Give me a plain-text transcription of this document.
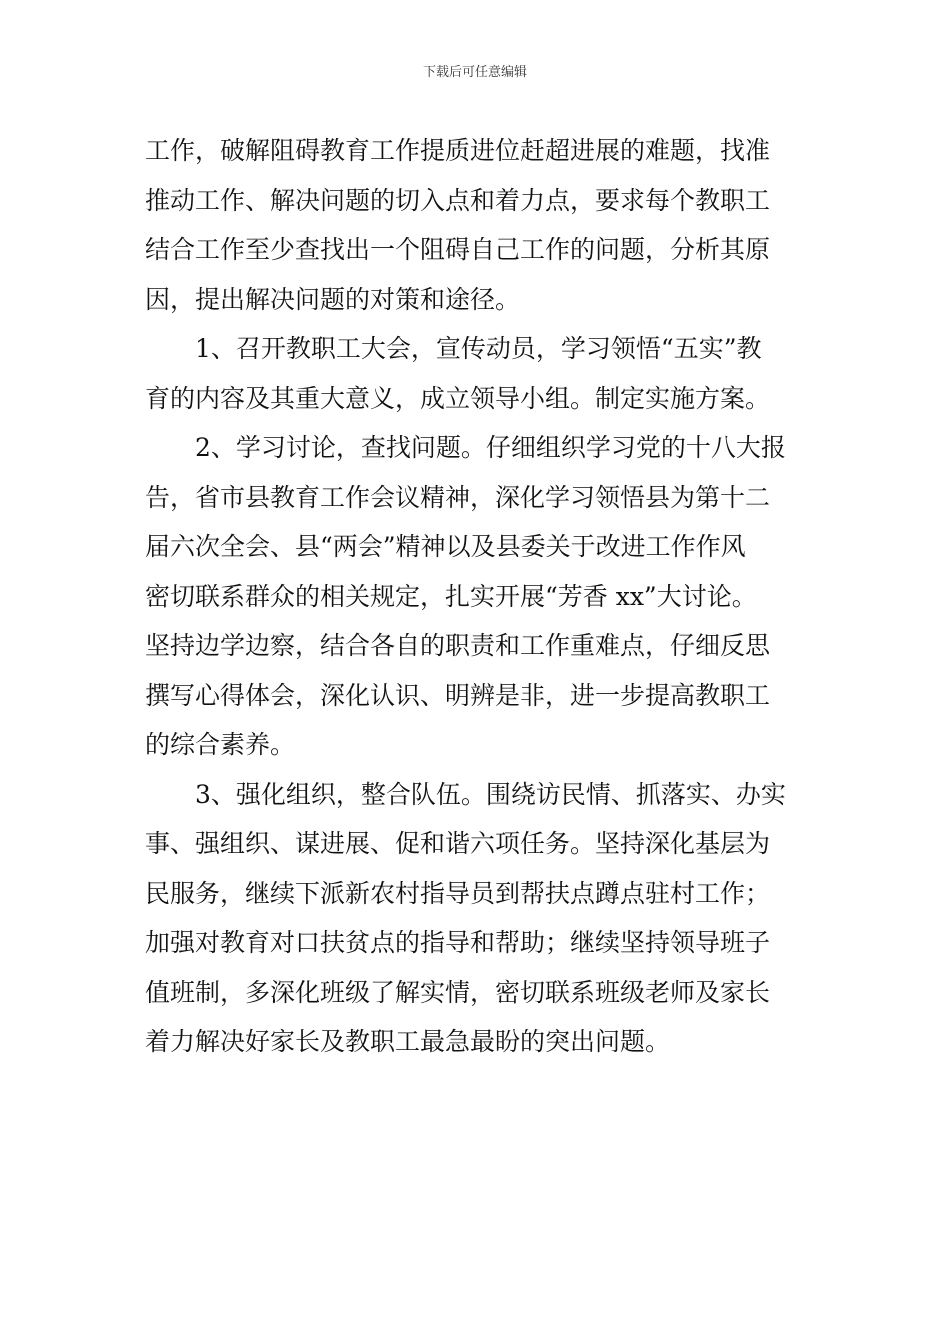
下载后可任意编辑
工作，破解阻碍教育工作提质进位赶超进展的难题，找准
推动工作、解决问题的切入点和着力点，要求每个教职工
结合工作至少查找出一个阻碍自己工作的问题，分析其原
因，提出解决问题的对策和途径。
1、召开教职工大会，宣传动员，学习领悟“五实”教
育的内容及其重大意义，成立领导小组。制定实施方案。
2、学习讨论，查找问题。仔细组织学习党的十八大报
告，省市县教育工作会议精神，深化学习领悟县为第十二
届六次全会、县“两会”精神以及县委关于改进工作作风
密切联系群众的相关规定，扎实开展“芳香 xx”大讨论。
坚持边学边察，结合各自的职责和工作重难点，仔细反思
撰写心得体会，深化认识、明辨是非，进一步提高教职工
的综合素养。
3、强化组织，整合队伍。围绕访民情、抓落实、办实
事、强组织、谋进展、促和谐六项任务。坚持深化基层为
民服务，继续下派新农村指导员到帮扶点蹲点驻村工作；
加强对教育对口扶贫点的指导和帮助；继续坚持领导班子
值班制，多深化班级了解实情，密切联系班级老师及家长
着力解决好家长及教职工最急最盼的突出问题。
